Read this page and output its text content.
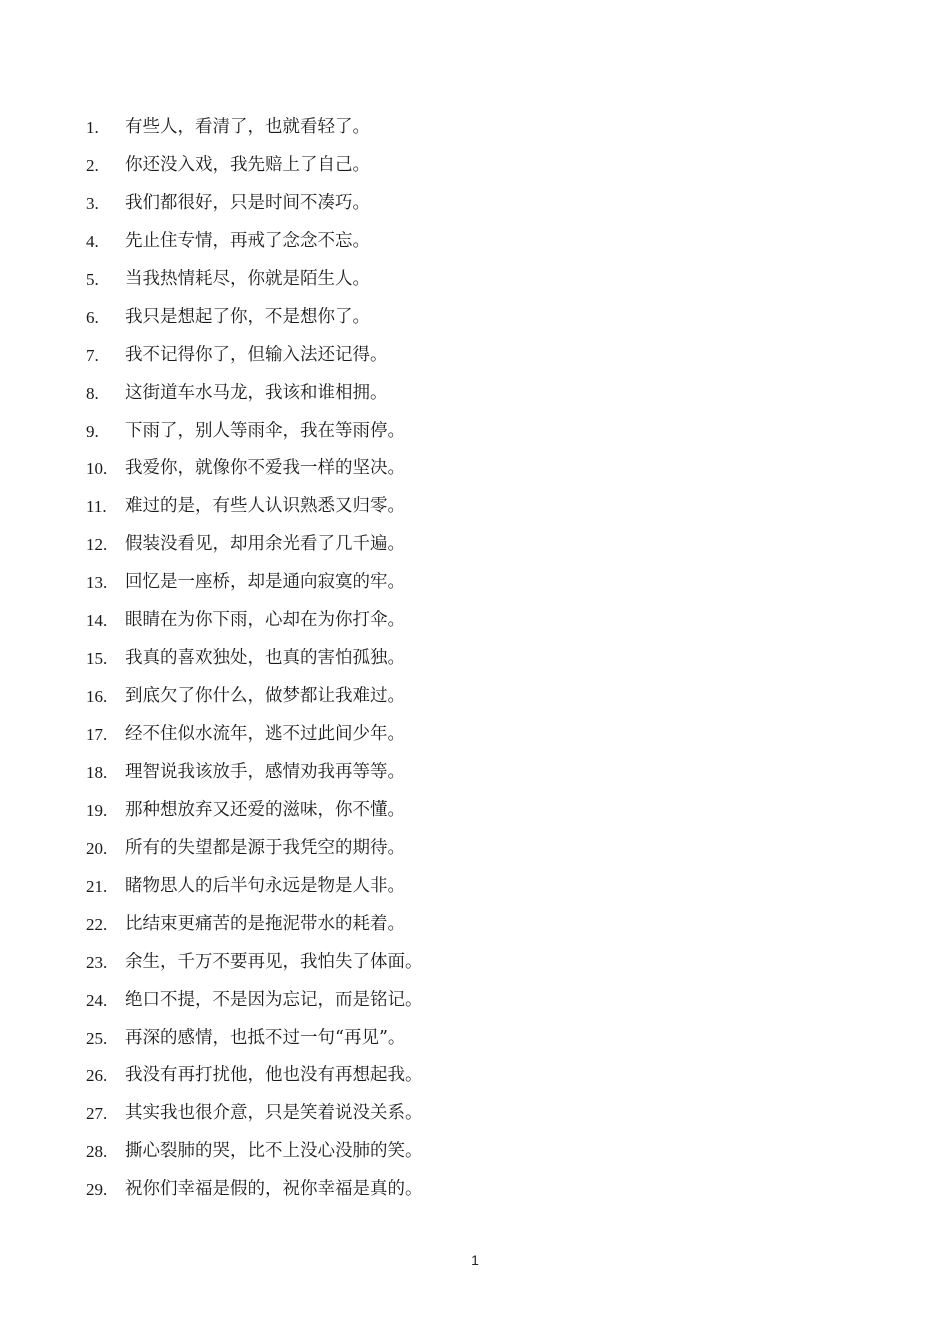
1. 有些人，看清了，也就看轻了。
2. 你还没入戏，我先赔上了自己。
3. 我们都很好，只是时间不凑巧。
4. 先止住专情，再戒了念念不忘。
5. 当我热情耗尽，你就是陌生人。
6. 我只是想起了你，不是想你了。
7. 我不记得你了，但输入法还记得。
8. 这街道车水马龙，我该和谁相拥。
9. 下雨了，别人等雨伞，我在等雨停。
10. 我爱你，就像你不爱我一样的坚决。
11. 难过的是，有些人认识熟悉又归零。
12. 假装没看见，却用余光看了几千遍。
13. 回忆是一座桥，却是通向寂寞的牢。
14. 眼睛在为你下雨，心却在为你打伞。
15. 我真的喜欢独处，也真的害怕孤独。
16. 到底欠了你什么，做梦都让我难过。
17. 经不住似水流年，逃不过此间少年。
18. 理智说我该放手，感情劝我再等等。
19. 那种想放弃又还爱的滋味，你不懂。
20. 所有的失望都是源于我凭空的期待。
21. 睹物思人的后半句永远是物是人非。
22. 比结束更痛苦的是拖泥带水的耗着。
23. 余生，千万不要再见，我怕失了体面。
24. 绝口不提，不是因为忘记，而是铭记。
25. 再深的感情，也抵不过一句“再见”。
26. 我没有再打扰他，他也没有再想起我。
27. 其实我也很介意，只是笑着说没关系。
28. 撕心裂肺的哭，比不上没心没肺的笑。
29. 祝你们幸福是假的，祝你幸福是真的。
1
